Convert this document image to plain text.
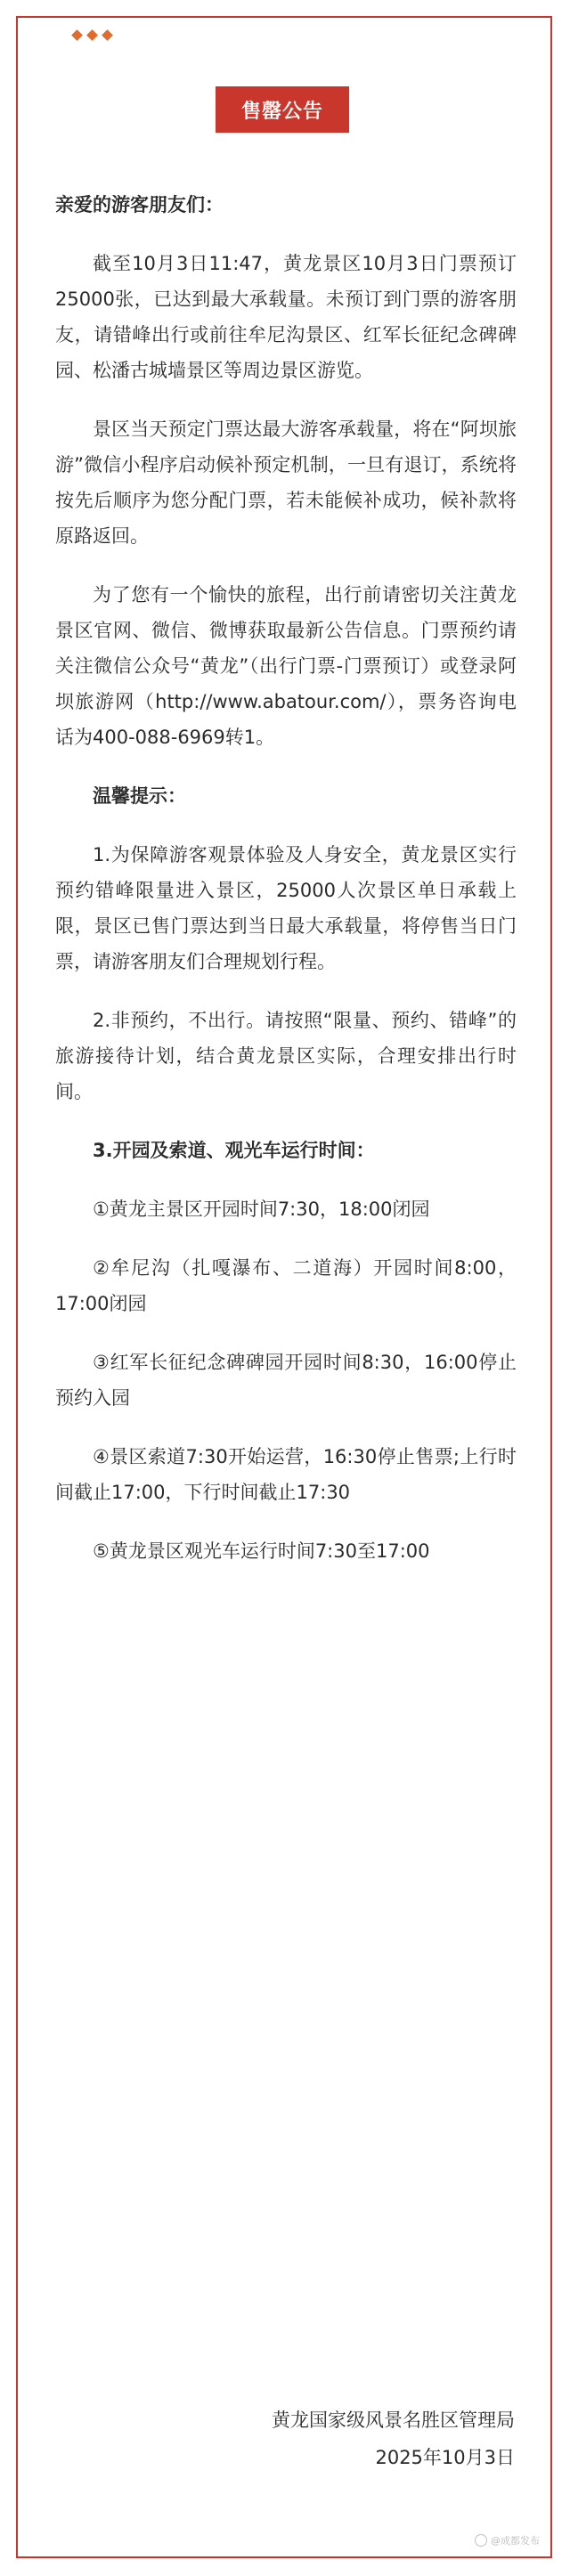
售罄公告
亲爱的游客朋友们：

截至10月3日11:47，黄龙景区10月3日门票预订25000张，已达到最大承载量。未预订到门票的游客朋友，请错峰出行或前往牟尼沟景区、红军长征纪念碑碑园、松潘古城墙景区等周边景区游览。

景区当天预定门票达最大游客承载量，将在“阿坝旅游”微信小程序启动候补预定机制，一旦有退订，系统将按先后顺序为您分配门票，若未能候补成功，候补款将原路返回。

为了您有一个愉快的旅程，出行前请密切关注黄龙景区官网、微信、微博获取最新公告信息。门票预约请关注微信公众号“黄龙”（出行门票-门票预订）或登录阿坝旅游网（http://www.abatour.com/），票务咨询电话为400-088-6969转1。

温馨提示：

1.为保障游客观景体验及人身安全，黄龙景区实行预约错峰限量进入景区，25000人次景区单日承载上限，景区已售门票达到当日最大承载量，将停售当日门票，请游客朋友们合理规划行程。

2.非预约，不出行。请按照“限量、预约、错峰”的旅游接待计划，结合黄龙景区实际，合理安排出行时间。

3.开园及索道、观光车运行时间：

①黄龙主景区开园时间7:30，18:00闭园

②牟尼沟（扎嘎瀑布、二道海）开园时间8:00，17:00闭园

③红军长征纪念碑碑园开园时间8:30，16:00停止预约入园

④景区索道7:30开始运营，16:30停止售票;上行时间截止17:00，下行时间截止17:30

⑤黄龙景区观光车运行时间7:30至17:00

黄龙国家级风景名胜区管理局
2025年10月3日
@成都发布
